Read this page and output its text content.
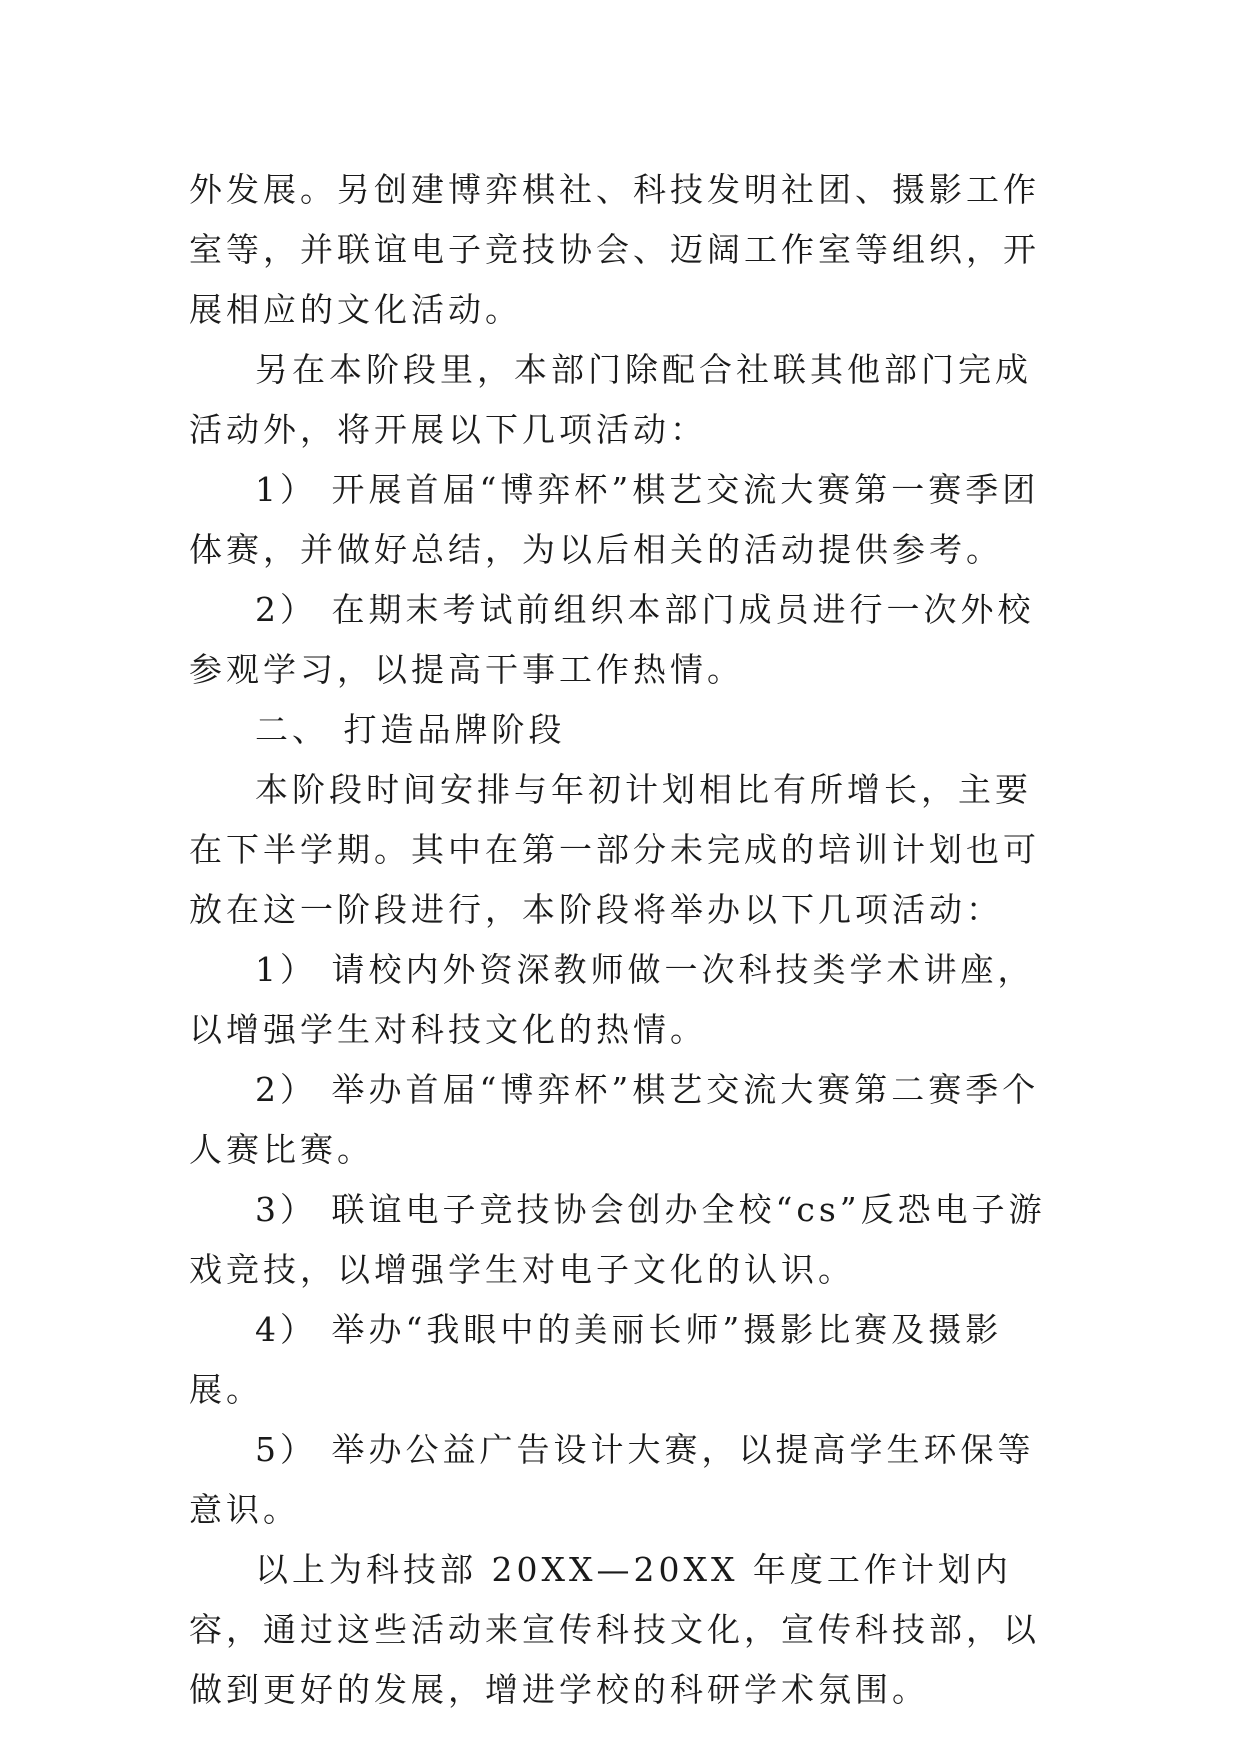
外发展。另创建博弈棋社、科技发明社团、摄影工作室等，并联谊电子竞技协会、迈阔工作室等组织，开展相应的文化活动。

另在本阶段里，本部门除配合社联其他部门完成活动外，将开展以下几项活动：

1） 开展首届“博弈杯”棋艺交流大赛第一赛季团体赛，并做好总结，为以后相关的活动提供参考。

2） 在期末考试前组织本部门成员进行一次外校参观学习，以提高干事工作热情。

二、 打造品牌阶段

本阶段时间安排与年初计划相比有所增长，主要在下半学期。其中在第一部分未完成的培训计划也可放在这一阶段进行，本阶段将举办以下几项活动：

1） 请校内外资深教师做一次科技类学术讲座，以增强学生对科技文化的热情。

2） 举办首届“博弈杯”棋艺交流大赛第二赛季个人赛比赛。

3） 联谊电子竞技协会创办全校“cs”反恐电子游戏竞技，以增强学生对电子文化的认识。

4） 举办“我眼中的美丽长师”摄影比赛及摄影展。

5） 举办公益广告设计大赛，以提高学生环保等意识。

以上为科技部 20XX—20XX 年度工作计划内容，通过这些活动来宣传科技文化，宣传科技部，以做到更好的发展，增进学校的科研学术氛围。
